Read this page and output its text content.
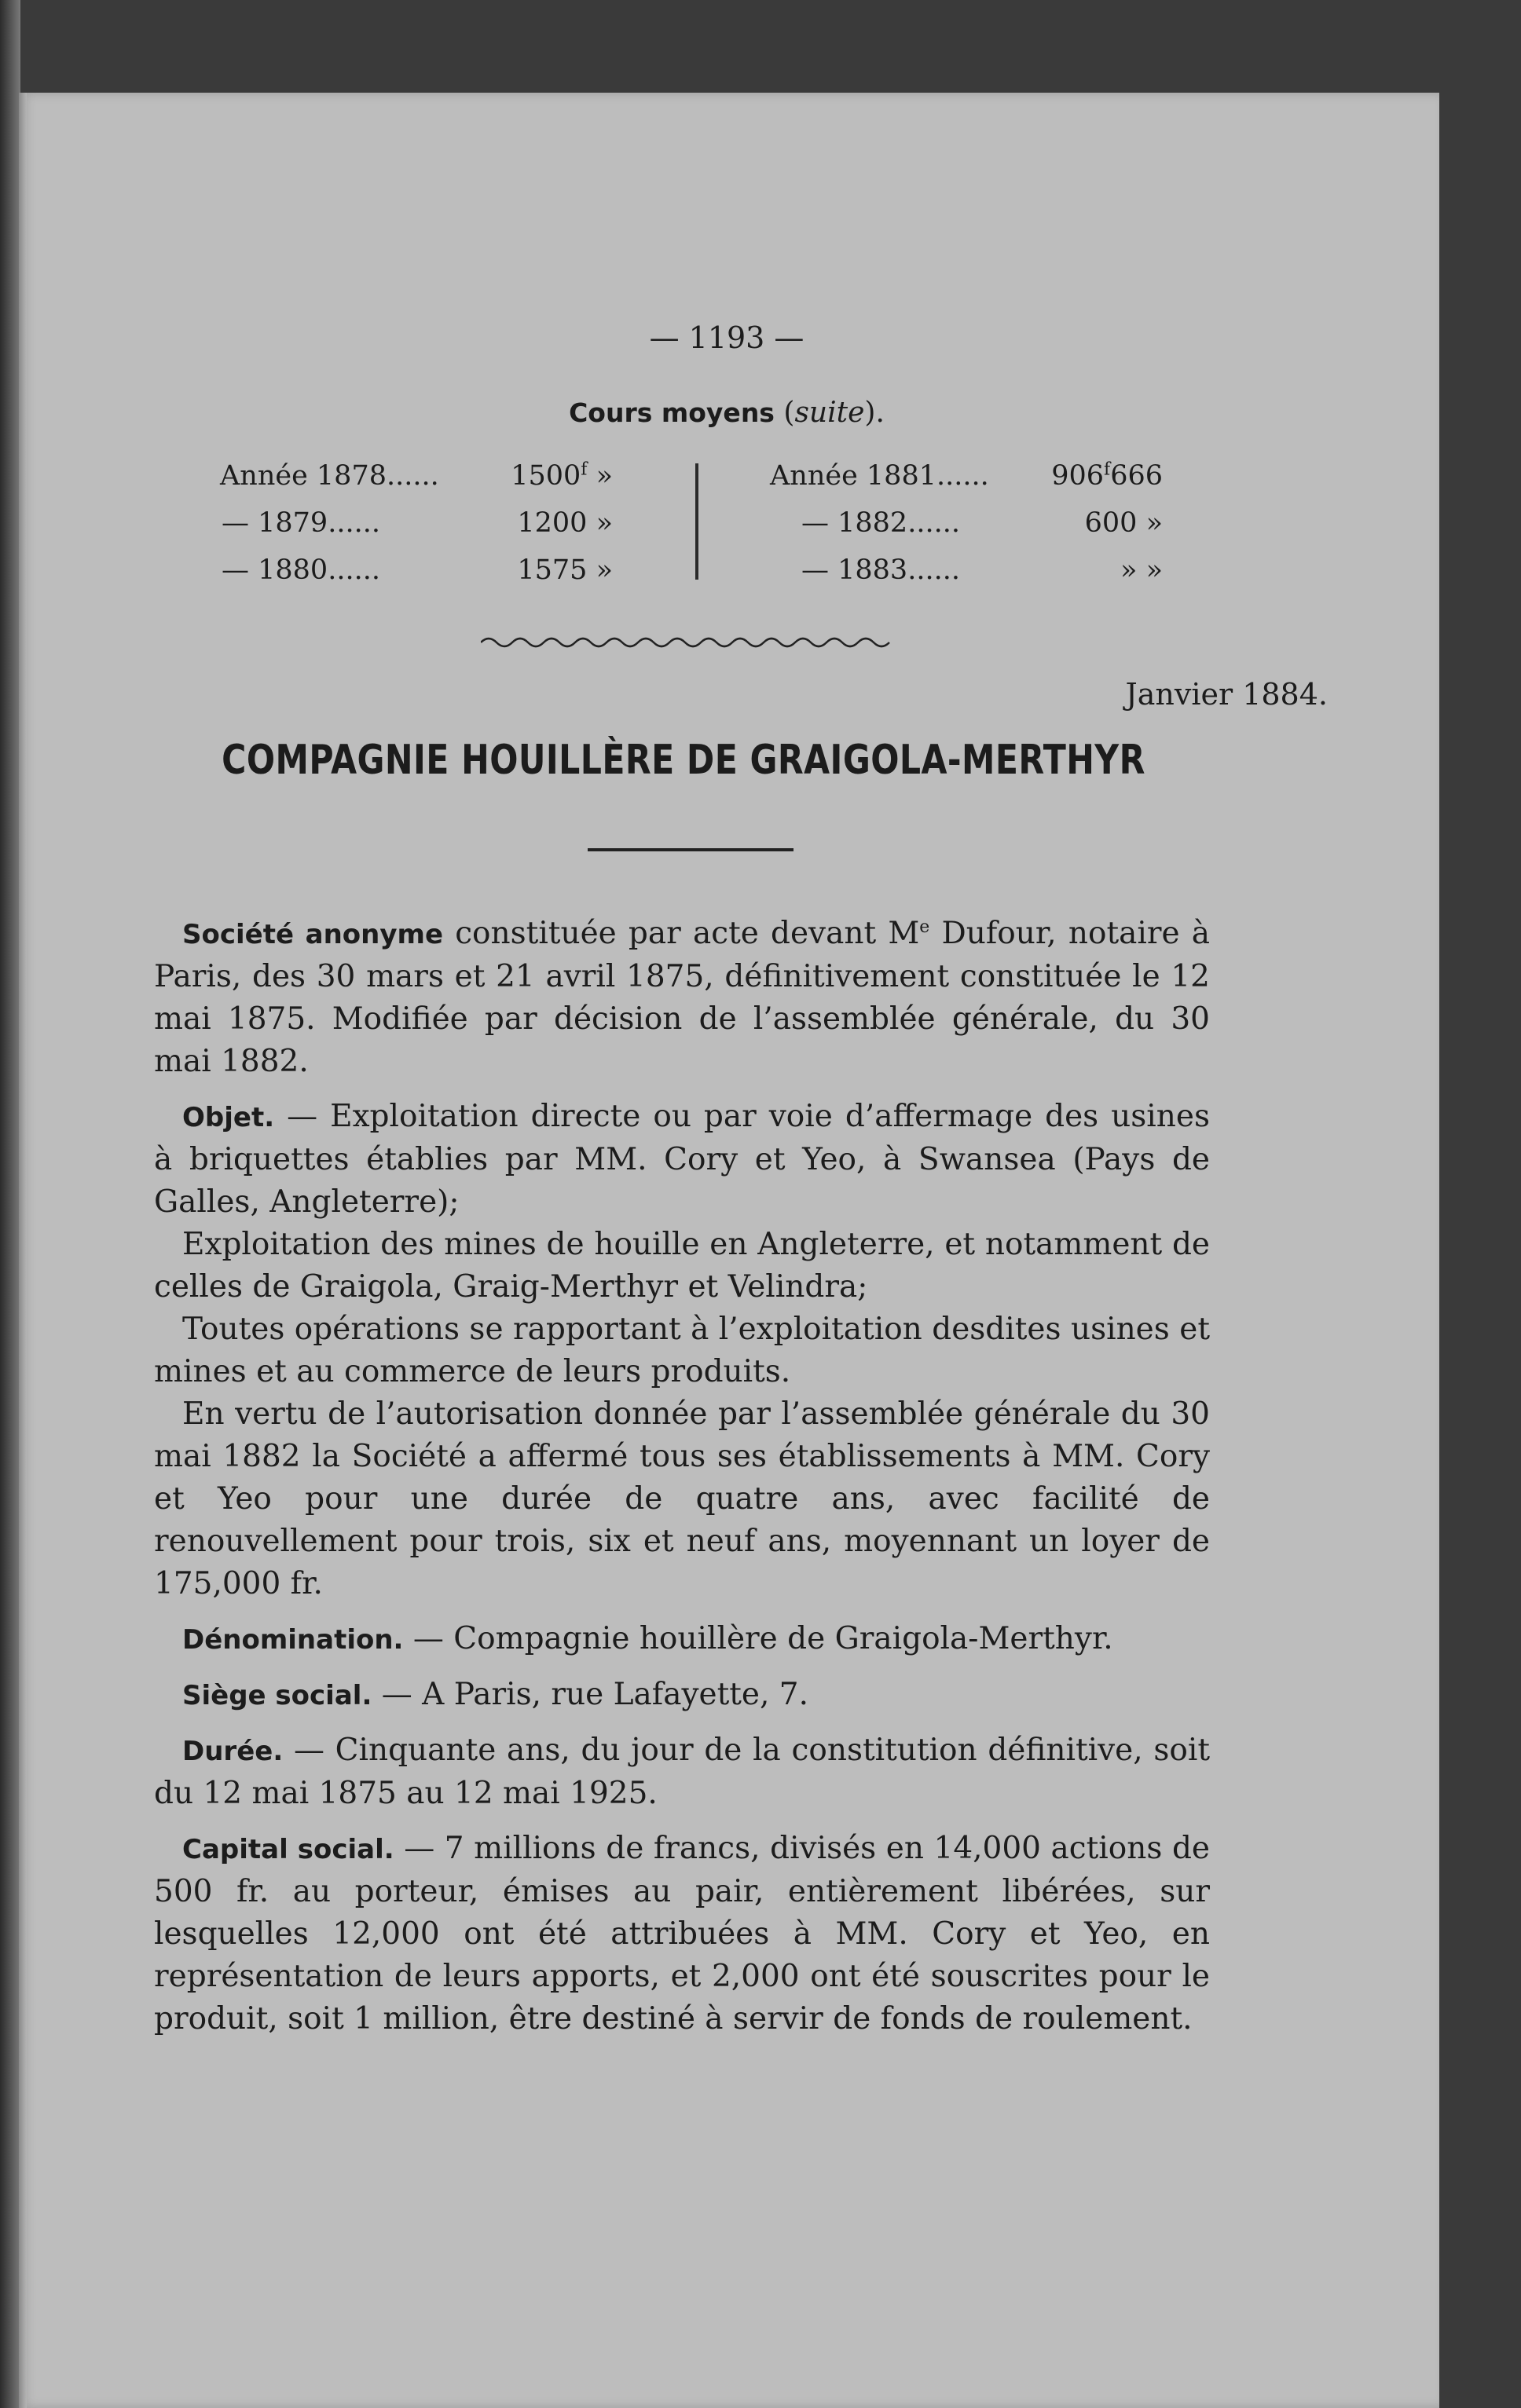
— 1193 —
Cours moyens (suite).
Année 1878......	1500$^f$ »
— 1879......	1200 »
— 1880......	1575 »
Année 1881...... 906$^f$666
— 1882......	600 »
— 1883......	» »
Janvier 1884.
COMPAGNIE HOUILLÈRE DE GRAIGOLA-MERTHYR

Société anonyme constituée par acte devant Me Dufour, notaire à Paris, des 30 mars et 21 avril 1875, définitivement constituée le 12 mai 1875. Modifiée par décision de l’assemblée générale, du 30 mai 1882.

Objet. — Exploitation directe ou par voie d’affermage des usines à briquettes établies par MM. Cory et Yeo, à Swansea (Pays de Galles, Angleterre);

Exploitation des mines de houille en Angleterre, et notamment de celles de Graigola, Graig-Merthyr et Velindra;

Toutes opérations se rapportant à l’exploitation desdites usines et mines et au commerce de leurs produits.

En vertu de l’autorisation donnée par l’assemblée générale du 30 mai 1882 la Société a affermé tous ses établissements à MM. Cory et Yeo pour une durée de quatre ans, avec facilité de renouvellement pour trois, six et neuf ans, moyennant un loyer de 175,000 fr.

Dénomination. — Compagnie houillère de Graigola-Merthyr.

Siège social. — A Paris, rue Lafayette, 7.

Durée. — Cinquante ans, du jour de la constitution définitive, soit du 12 mai 1875 au 12 mai 1925.

Capital social. — 7 millions de francs, divisés en 14,000 actions de 500 fr. au porteur, émises au pair, entièrement libérées, sur lesquelles 12,000 ont été attribuées à MM. Cory et Yeo, en représentation de leurs apports, et 2,000 ont été souscrites pour le produit, soit 1 million, être destiné à servir de fonds de roulement.
